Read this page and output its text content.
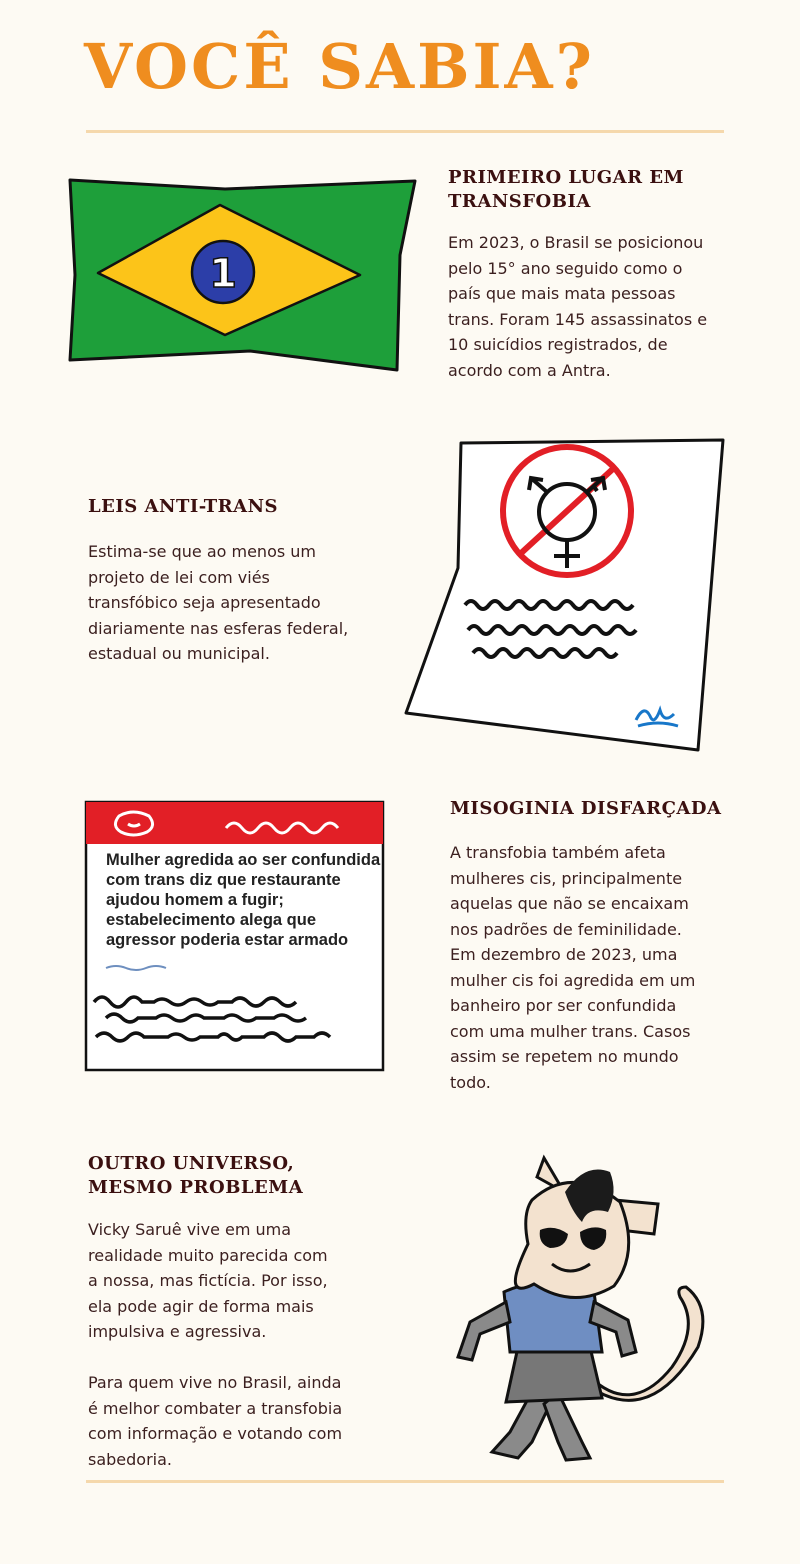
VOCÊ SABIA?
1
PRIMEIRO LUGAR EM
TRANSFOBIA

Em 2023, o Brasil se posicionou
pelo 15° ano seguido como o
país que mais mata pessoas
trans. Foram 145 assassinatos e
10 suicídios registrados, de
acordo com a Antra.

LEIS ANTI-TRANS

Estima-se que ao menos um
projeto de lei com viés
transfóbico seja apresentado
diariamente nas esferas federal,
estadual ou municipal.

Mulher agredida ao ser confundida
com trans diz que restaurante
ajudou homem a fugir;
estabelecimento alega que
agressor poderia estar armado
MISOGINIA DISFARÇADA

A transfobia também afeta
mulheres cis, principalmente
aquelas que não se encaixam
nos padrões de feminilidade.
Em dezembro de 2023, uma
mulher cis foi agredida em um
banheiro por ser confundida
com uma mulher trans. Casos
assim se repetem no mundo
todo.

OUTRO UNIVERSO,
MESMO PROBLEMA

Vicky Saruê vive em uma
realidade muito parecida com
a nossa, mas fictícia. Por isso,
ela pode agir de forma mais
impulsiva e agressiva.

Para quem vive no Brasil, ainda
é melhor combater a transfobia
com informação e votando com
sabedoria.
